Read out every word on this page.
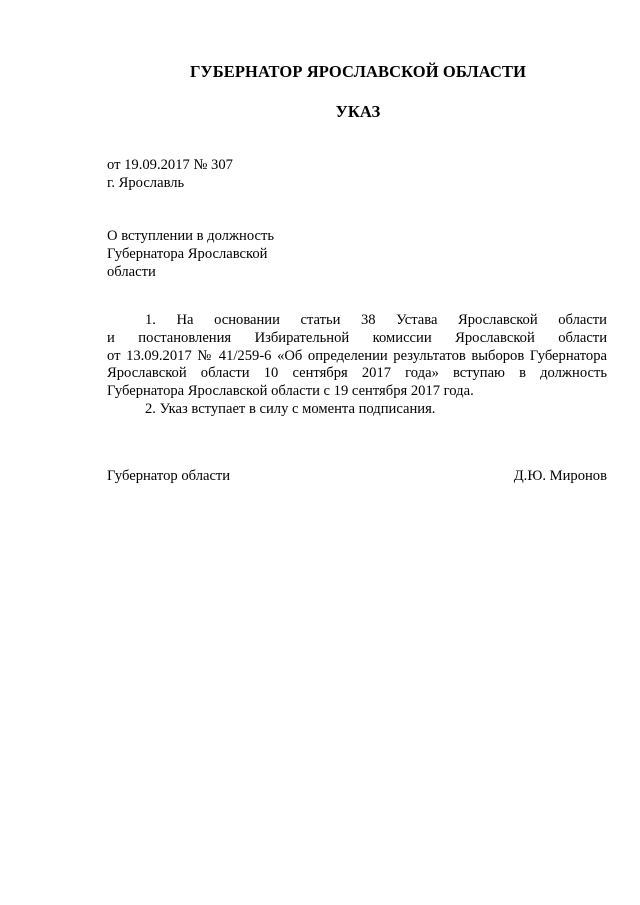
ГУБЕРНАТОР ЯРОСЛАВСКОЙ ОБЛАСТИ
УКАЗ
от 19.09.2017 № 307
г. Ярославль
О вступлении в должность
Губернатора Ярославской
области
1. На основании статьи 38 Устава Ярославской области
и постановления Избирательной комиссии Ярославской области
от 13.09.2017 № 41/259-6 «Об определении результатов выборов Губернатора
Ярославской области 10 сентября 2017 года» вступаю в должность
Губернатора Ярославской области с 19 сентября 2017 года.
2. Указ вступает в силу с момента подписания.
Губернатор области	Д.Ю. Миронов
